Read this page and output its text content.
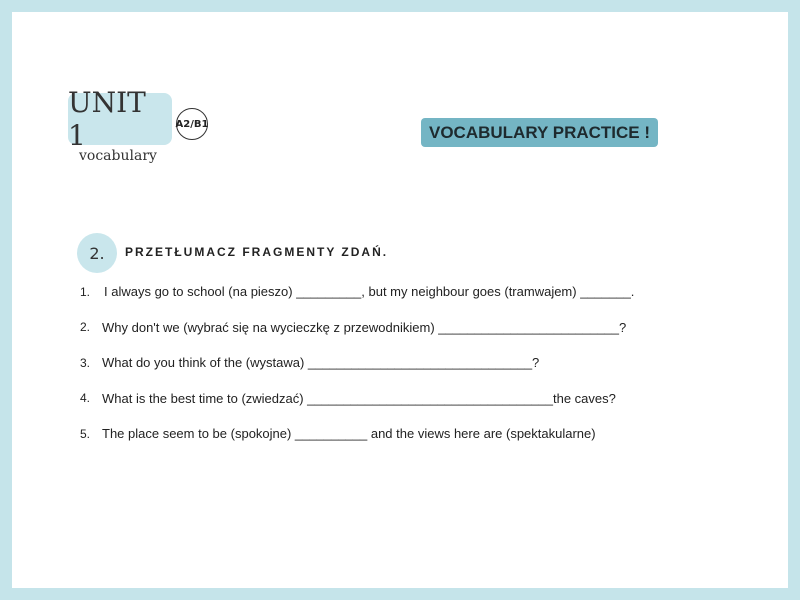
UNIT 1	A2/B1
vocabulary
VOCABULARY PRACTICE !
2.	PRZETŁUMACZ FRAGMENTY ZDAŃ.
1.	I always go to school (na pieszo) _________, but my neighbour goes (tramwajem) _______.
2. Why don't we (wybrać się na wycieczkę z przewodnikiem) _________________________?
3. What do you think of the (wystawa) _______________________________?
4. What is the best time to (zwiedzać) __________________________________the caves?
5. The place seem to be (spokojne) __________ and the views here are (spektakularne)
